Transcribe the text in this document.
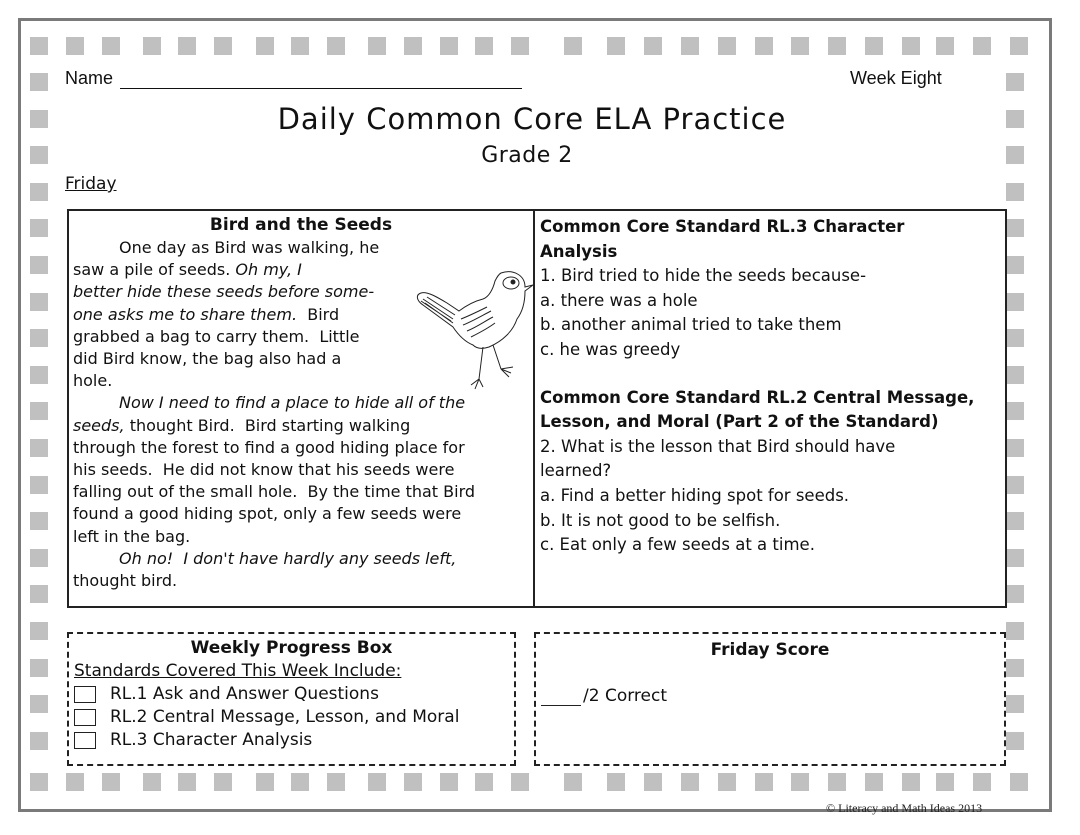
Name	Week Eight
Daily Common Core ELA Practice
Grade 2
Friday
Bird and the Seeds
One day as Bird was walking, he
saw a pile of seeds. Oh my, I
better hide these seeds before some-
one asks me to share them.  Bird
grabbed a bag to carry them.  Little
did Bird know, the bag also had a
hole.
Now I need to find a place to hide all of the
seeds, thought Bird.  Bird starting walking
through the forest to find a good hiding place for
his seeds.  He did not know that his seeds were
falling out of the small hole.  By the time that Bird
found a good hiding spot, only a few seeds were
left in the bag.
Oh no!  I don't have hardly any seeds left,
thought bird.
Common Core Standard RL.3 Character
Analysis
1. Bird tried to hide the seeds because-
a. there was a hole
b. another animal tried to take them
c. he was greedy
Common Core Standard RL.2 Central Message,
Lesson, and Moral (Part 2 of the Standard)
2. What is the lesson that Bird should have
learned?
a. Find a better hiding spot for seeds.
b. It is not good to be selfish.
c. Eat only a few seeds at a time.
Weekly Progress Box
Standards Covered This Week Include:
RL.1 Ask and Answer Questions
RL.2 Central Message, Lesson, and Moral
RL.3 Character Analysis
Friday Score
/2 Correct
© Literacy and Math Ideas 2013
